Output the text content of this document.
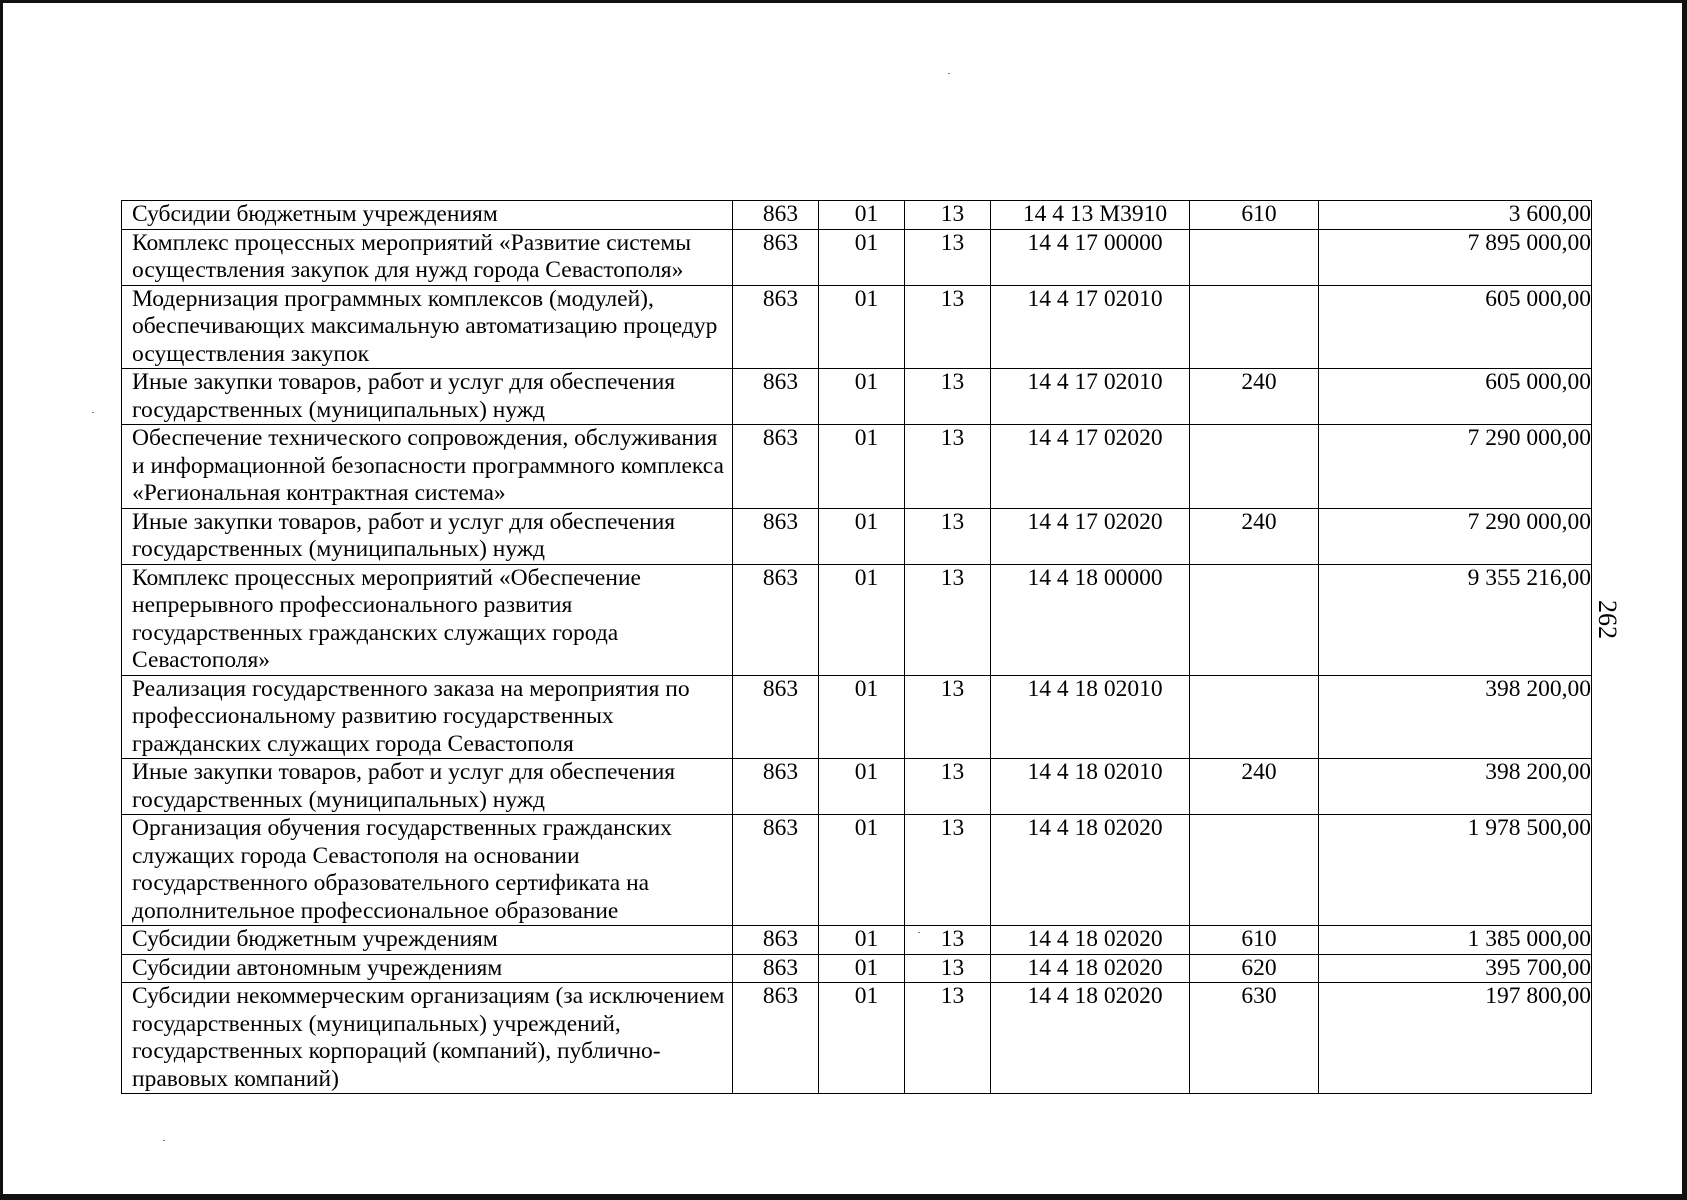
Субсидии бюджетным учреждениям	863	01	13	14 4 13 М3910	610	3 600,00
Комплекс процессных мероприятий «Развитие системы осуществления закупок для нужд города Севастополя»	863	01	13	14 4 17 00000		7 895 000,00
Модернизация программных комплексов (модулей), обеспечивающих максимальную автоматизацию процедур осуществления закупок	863	01	13	14 4 17 02010		605 000,00
Иные закупки товаров, работ и услуг для обеспечения государственных (муниципальных) нужд	863	01	13	14 4 17 02010	240	605 000,00
Обеспечение технического сопровождения, обслуживания и информационной безопасности программного комплекса «Региональная контрактная система»	863	01	13	14 4 17 02020		7 290 000,00
Иные закупки товаров, работ и услуг для обеспечения государственных (муниципальных) нужд	863	01	13	14 4 17 02020	240	7 290 000,00
Комплекс процессных мероприятий «Обеспечение непрерывного профессионального развития государственных гражданских служащих города Севастополя»	863	01	13	14 4 18 00000		9 355 216,00
Реализация государственного заказа на мероприятия по профессиональному развитию государственных гражданских служащих города Севастополя	863	01	13	14 4 18 02010		398 200,00
Иные закупки товаров, работ и услуг для обеспечения государственных (муниципальных) нужд	863	01	13	14 4 18 02010	240	398 200,00
Организация обучения государственных гражданских служащих города Севастополя на основании государственного образовательного сертификата на дополнительное профессиональное образование	863	01	13	14 4 18 02020		1 978 500,00
Субсидии бюджетным учреждениям	863	01	13	14 4 18 02020	610	1 385 000,00
Субсидии автономным учреждениям	863	01	13	14 4 18 02020	620	395 700,00
Субсидии некоммерческим организациям (за исключением государственных (муниципальных) учреждений, государственных корпораций (компаний), публично-правовых компаний)	863	01	13	14 4 18 02020	630	197 800,00
262
